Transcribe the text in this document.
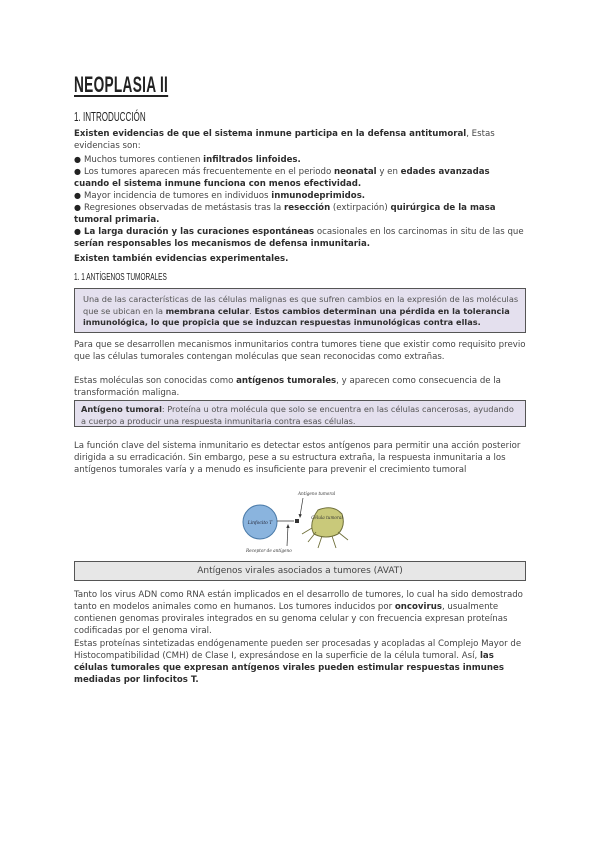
NEOPLASIA II
1. INTRODUCCIÓN
Existen evidencias de que el sistema inmune participa en la defensa antitumoral, Estas evidencias son:
● Muchos tumores contienen infiltrados linfoides.
● Los tumores aparecen más frecuentemente en el periodo neonatal y en edades avanzadas cuando el sistema inmune funciona con menos efectividad.
● Mayor incidencia de tumores en individuos inmunodeprimidos.
● Regresiones observadas de metástasis tras la resección (extirpación) quirúrgica de la masa tumoral primaria.
● La larga duración y las curaciones espontáneas ocasionales en los carcinomas in situ de las que serían responsables los mecanismos de defensa inmunitaria.
Existen también evidencias experimentales.
1. 1 ANTÍGENOS TUMORALES
Una de las características de las células malignas es que sufren cambios en la expresión de las moléculas que se ubican en la membrana celular. Estos cambios determinan una pérdida en la tolerancia inmunológica, lo que propicia que se induzcan respuestas inmunológicas contra ellas.
Para que se desarrollen mecanismos inmunitarios contra tumores tiene que existir como requisito previo que las células tumorales contengan moléculas que sean reconocidas como extrañas.
Estas moléculas son conocidas como antígenos tumorales, y aparecen como consecuencia de la transformación maligna.
Antígeno tumoral: Proteína u otra molécula que solo se encuentra en las células cancerosas, ayudando a cuerpo a producir una respuesta inmunitaria contra esas células.
La función clave del sistema inmunitario es detectar estos antígenos para permitir una acción posterior dirigida a su erradicación. Sin embargo, pese a su estructura extraña, la respuesta inmunitaria a los antígenos tumorales varía y a menudo es insuficiente para prevenir el crecimiento tumoral
Linfocito T
Célula tumoral
Antígeno tumoral
Receptor de antígeno
Antígenos virales asociados a tumores (AVAT)
Tanto los virus ADN como RNA están implicados en el desarrollo de tumores, lo cual ha sido demostrado tanto en modelos animales como en humanos. Los tumores inducidos por oncovirus, usualmente contienen genomas provirales integrados en su genoma celular y con frecuencia expresan proteínas codificadas por el genoma viral.
Estas proteínas sintetizadas endógenamente pueden ser procesadas y acopladas al Complejo Mayor de Histocompatibilidad (CMH) de Clase I, expresándose en la superficie de la célula tumoral. Así, las células tumorales que expresan antígenos virales pueden estimular respuestas inmunes mediadas por linfocitos T.
